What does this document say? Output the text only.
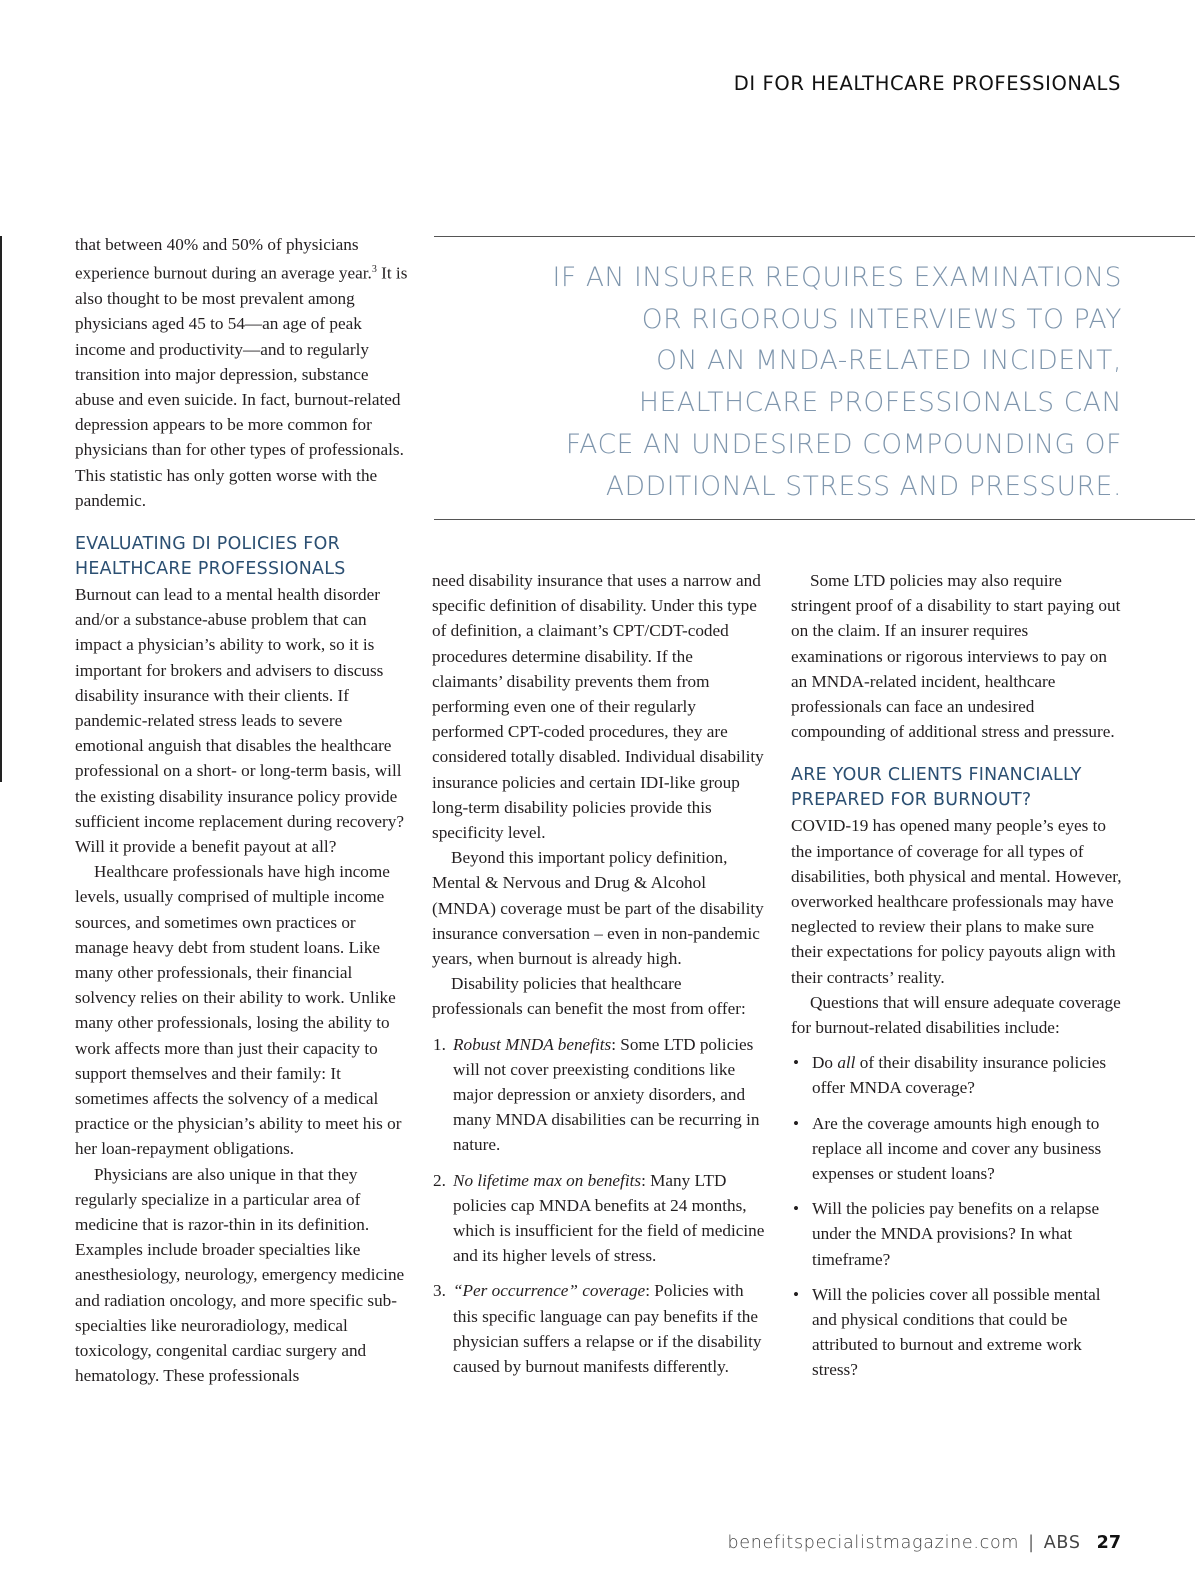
DI FOR HEALTHCARE PROFESSIONALS

that between 40% and 50% of physicians experience burnout during an average year.$^3$ It is also thought to be most prevalent among physicians aged 45 to 54—an age of peak income and productivity—and to regularly transition into major depression, substance abuse and even suicide. In fact, burnout-related depression appears to be more common for physicians than for other types of professionals. This statistic has only gotten worse with the pandemic.

EVALUATING DI POLICIES FOR HEALTHCARE PROFESSIONALS

Burnout can lead to a mental health disorder and/or a substance-abuse problem that can impact a physician’s ability to work, so it is important for brokers and advisers to discuss disability insurance with their clients. If pandemic-related stress leads to severe emotional anguish that disables the healthcare professional on a short- or long-term basis, will the existing disability insurance policy provide sufficient income replacement during recovery? Will it provide a benefit payout at all?

Healthcare professionals have high income levels, usually comprised of multiple income sources, and sometimes own practices or manage heavy debt from student loans. Like many other professionals, their financial solvency relies on their ability to work. Unlike many other professionals, losing the ability to work affects more than just their capacity to support themselves and their family: It sometimes affects the solvency of a medical practice or the physician’s ability to meet his or her loan-repayment obligations.

Physicians are also unique in that they regularly specialize in a particular area of medicine that is razor-thin in its definition. Examples include broader specialties like anesthesiology, neurology, emergency medicine and radiation oncology, and more specific sub-specialties like neuroradiology, medical toxicology, congenital cardiac surgery and hematology. These professionals

IF AN INSURER REQUIRES EXAMINATIONS
OR RIGOROUS INTERVIEWS TO PAY
ON AN MNDA-RELATED INCIDENT,
HEALTHCARE PROFESSIONALS CAN
FACE AN UNDESIRED COMPOUNDING OF
ADDITIONAL STRESS AND PRESSURE.

need disability insurance that uses a narrow and specific definition of disability. Under this type of definition, a claimant’s CPT/CDT-coded procedures determine disability. If the claimants’ disability prevents them from performing even one of their regularly performed CPT-coded procedures, they are considered totally disabled. Individual disability insurance policies and certain IDI-like group long-term disability policies provide this specificity level.

Beyond this important policy definition, Mental & Nervous and Drug & Alcohol (MNDA) coverage must be part of the disability insurance conversation – even in non-pandemic years, when burnout is already high.

Disability policies that healthcare professionals can benefit the most from offer:

1. Robust MNDA benefits: Some LTD policies will not cover preexisting conditions like major depression or anxiety disorders, and many MNDA disabilities can be recurring in nature.
2. No lifetime max on benefits: Many LTD policies cap MNDA benefits at 24 months, which is insufficient for the field of medicine and its higher levels of stress.
3. “Per occurrence” coverage: Policies with this specific language can pay benefits if the physician suffers a relapse or if the disability caused by burnout manifests differently.

Some LTD policies may also require stringent proof of a disability to start paying out on the claim. If an insurer requires examinations or rigorous interviews to pay on an MNDA-related incident, healthcare professionals can face an undesired compounding of additional stress and pressure.

ARE YOUR CLIENTS FINANCIALLY PREPARED FOR BURNOUT?

COVID-19 has opened many people’s eyes to the importance of coverage for all types of disabilities, both physical and mental. However, overworked healthcare professionals may have neglected to review their plans to make sure their expectations for policy payouts align with their contracts’ reality.

Questions that will ensure adequate coverage for burnout-related disabilities include:

• Do all of their disability insurance policies offer MNDA coverage?
• Are the coverage amounts high enough to replace all income and cover any business expenses or student loans?
• Will the policies pay benefits on a relapse under the MNDA provisions? In what timeframe?
• Will the policies cover all possible mental and physical conditions that could be attributed to burnout and extreme work stress?
benefitspecialistmagazine.com | ABS 27
